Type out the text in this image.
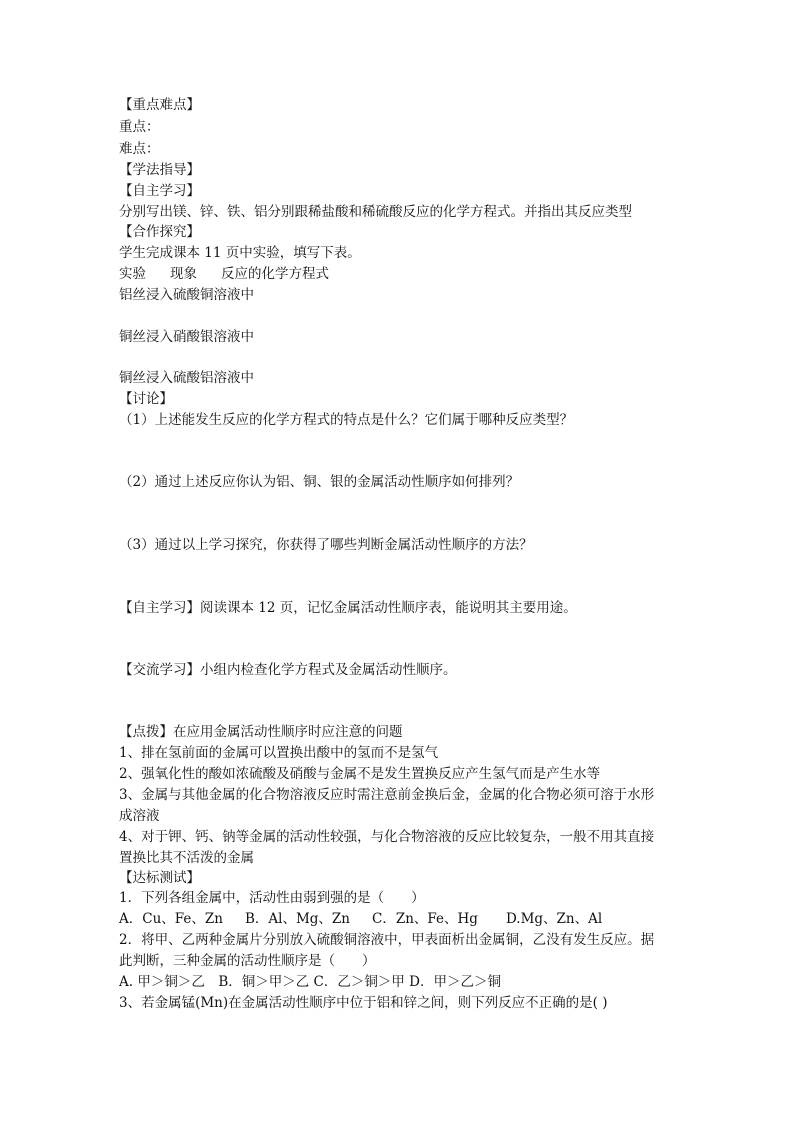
【重点难点】
重点：
难点：
【学法指导】
【自主学习】
分别写出镁、锌、铁、铝分别跟稀盐酸和稀硫酸反应的化学方程式。并指出其反应类型
【合作探究】
学生完成课本 11 页中实验，填写下表。
实验 现象 反应的化学方程式
铝丝浸入硫酸铜溶液中
铜丝浸入硝酸银溶液中
铜丝浸入硫酸铝溶液中
【讨论】
（1）上述能发生反应的化学方程式的特点是什么？它们属于哪种反应类型？
（2）通过上述反应你认为铝、铜、银的金属活动性顺序如何排列？
（3）通过以上学习探究，你获得了哪些判断金属活动性顺序的方法？
【自主学习】阅读课本 12 页，记忆金属活动性顺序表，能说明其主要用途。
【交流学习】小组内检查化学方程式及金属活动性顺序。
【点拨】在应用金属活动性顺序时应注意的问题
1、排在氢前面的金属可以置换出酸中的氢而不是氢气
2、强氧化性的酸如浓硫酸及硝酸与金属不是发生置换反应产生氢气而是产生水等
3、金属与其他金属的化合物溶液反应时需注意前金换后金，金属的化合物必须可溶于水形
成溶液
4、对于钾、钙、钠等金属的活动性较强，与化合物溶液的反应比较复杂，一般不用其直接
置换比其不活泼的金属
【达标测试】
1．下列各组金属中，活动性由弱到强的是（　　）
A．Cu、Fe、Zn B．Al、Mg、Zn C．Zn、Fe、Hg D.Mg、Zn、Al
2．将甲、乙两种金属片分别放入硫酸铜溶液中，甲表面析出金属铜，乙没有发生反应。据
此判断，三种金属的活动性顺序是（　　）
A. 甲＞铜＞乙　B．铜＞甲＞乙 C．乙＞铜＞甲 D．甲＞乙＞铜
3、若金属锰(Mn)在金属活动性顺序中位于铝和锌之间，则下列反应不正确的是( )
